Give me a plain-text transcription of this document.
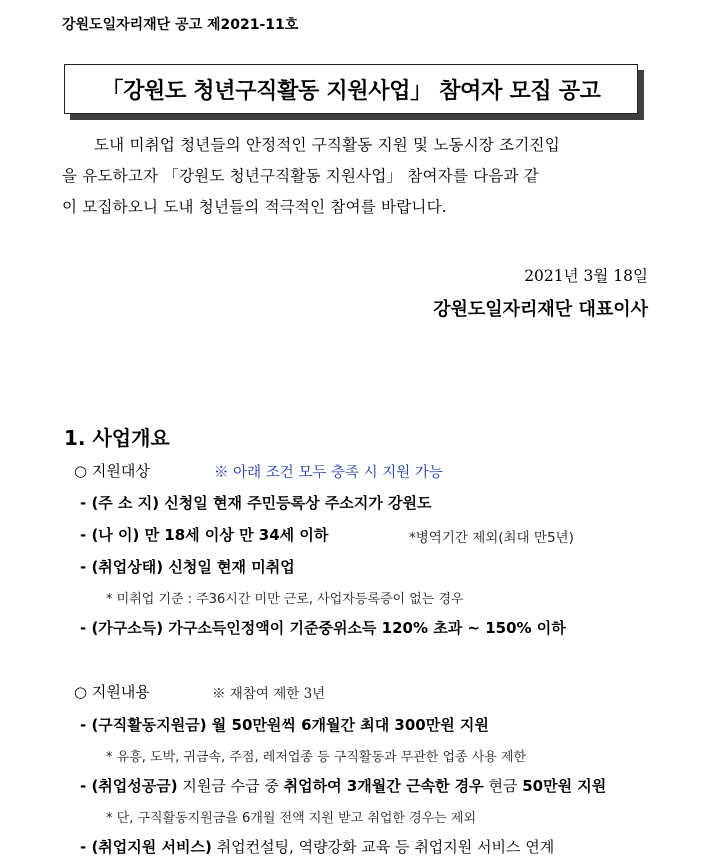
강원도일자리재단 공고 제2021-11호
「강원도 청년구직활동 지원사업」 참여자 모집 공고
도내 미취업 청년들의 안정적인 구직활동 지원 및 노동시장 조기진입
을 유도하고자 「강원도 청년구직활동 지원사업」 참여자를 다음과 같
이 모집하오니 도내 청년들의 적극적인 참여를 바랍니다.
2021년 3월 18일
강원도일자리재단 대표이사
1. 사업개요
○ 지원대상	※ 아래 조건 모두 충족 시 지원 가능
- (주 소 지) 신청일 현재 주민등록상 주소지가 강원도
- (나 이) 만 18세 이상 만 34세 이하	*병역기간 제외(최대 만5년)
- (취업상태) 신청일 현재 미취업
* 미취업 기준 : 주36시간 미만 근로, 사업자등록증이 없는 경우
- (가구소득) 가구소득인정액이 기준중위소득 120% 초과 ~ 150% 이하
○ 지원내용	※ 재참여 제한 3년
- (구직활동지원금) 월 50만원씩 6개월간 최대 300만원 지원
* 유흥, 도박, 귀금속, 주점, 레저업종 등 구직활동과 무관한 업종 사용 제한
- (취업성공금) 지원금 수급 중 취업하여 3개월간 근속한 경우 현금 50만원 지원
* 단, 구직활동지원금을 6개월 전액 지원 받고 취업한 경우는 제외
- (취업지원 서비스) 취업컨설팅, 역량강화 교육 등 취업지원 서비스 연계
